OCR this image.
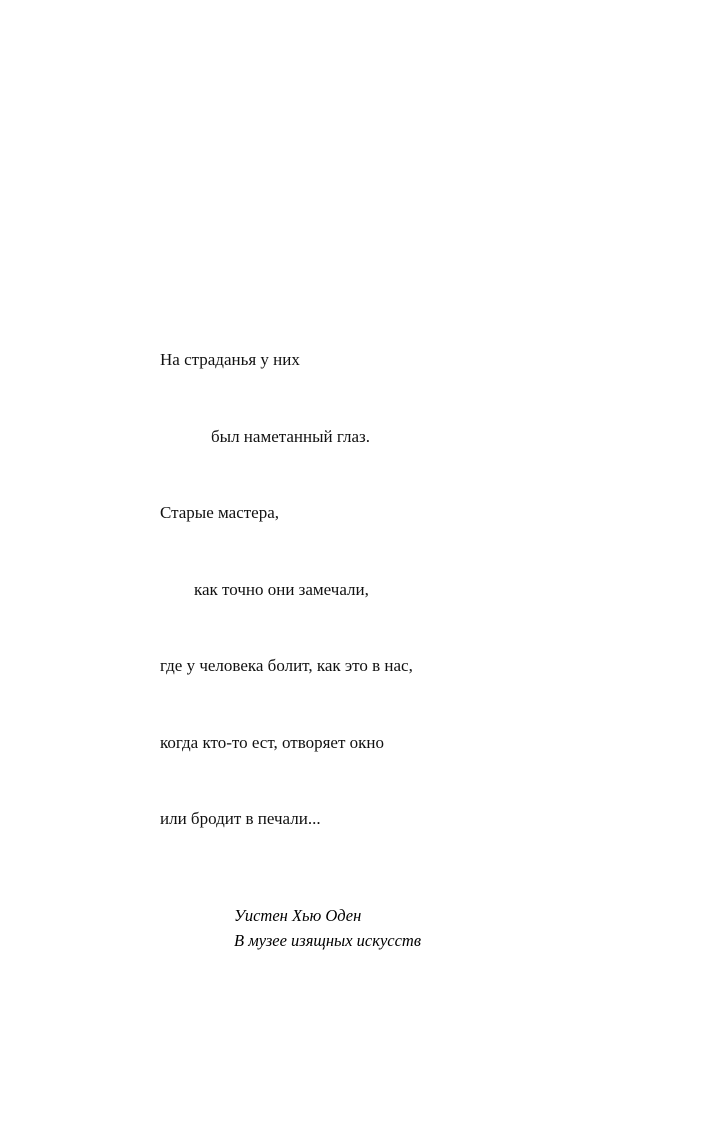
На страданья у них

был наметанный глаз.

Старые мастера,

как точно они замечали,

где у человека болит, как это в нас,

когда кто-то ест, отворяет окно

или бродит в печали...

Уистен Хью Оден
В музее изящных искусств
